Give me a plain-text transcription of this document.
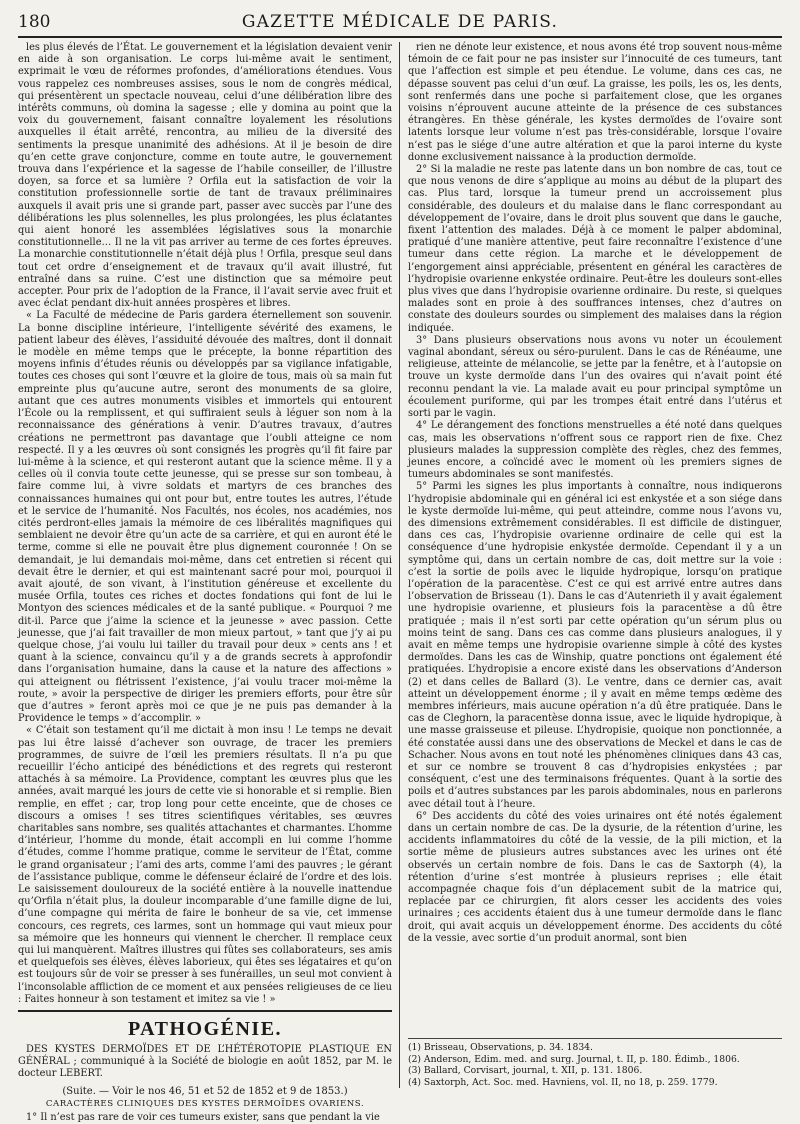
180	GAZETTE MÉDICALE DE PARIS.

les plus élevés de l’État. Le gouvernement et la législation devaient venir en aide à son organisation. Le corps lui-même avait le sentiment, exprimait le vœu de réformes profondes, d’améliorations étendues. Vous vous rappelez ces nombreuses assises, sous le nom de congrès médical, qui présentèrent un spectacle nouveau, celui d’une délibération libre des intérêts communs, où domina la sagesse ; elle y domina au point que la voix du gouvernement, faisant connaître loyalement les résolutions auxquelles il était arrêté, rencontra, au milieu de la diversité des sentiments la presque unanimité des adhésions. At il je besoin de dire qu’en cette grave conjoncture, comme en toute autre, le gouvernement trouva dans l’expérience et la sagesse de l’habile conseiller, de l’illustre doyen, sa force et sa lumière ? Orfila eut la satisfaction de voir la constitution professionnelle sortie de tant de travaux préliminaires auxquels il avait pris une si grande part, passer avec succès par l’une des délibérations les plus solennelles, les plus prolongées, les plus éclatantes qui aient honoré les assemblées législatives sous la monarchie constitutionnelle… Il ne la vit pas arriver au terme de ces fortes épreuves. La monarchie constitutionnelle n’était déjà plus ! Orfila, presque seul dans tout cet ordre d’enseignement et de travaux qu’il avait illustré, fut entraîné dans sa ruine. C’est une distinction que sa mémoire peut accepter. Pour prix de l’adoption de la France, il l’avait servie avec fruit et avec éclat pendant dix-huit années prospères et libres.

« La Faculté de médecine de Paris gardera éternellement son souvenir. La bonne discipline intérieure, l’intelligente sévérité des examens, le patient labeur des élèves, l’assiduité dévouée des maîtres, dont il donnait le modèle en même temps que le précepte, la bonne répartition des moyens infinis d’études réunis ou développés par sa vigilance infatigable, toutes ces choses qui sont l’œuvre et la gloire de tous, mais où sa main fut empreinte plus qu’aucune autre, seront des monuments de sa gloire, autant que ces autres monuments visibles et immortels qui entourent l’École ou la remplissent, et qui suffiraient seuls à léguer son nom à la reconnaissance des générations à venir. D’autres travaux, d’autres créations ne permettront pas davantage que l’oubli atteigne ce nom respecté. Il y a les œuvres où sont consignés les progrès qu’il fit faire par lui-même à la science, et qui resteront autant que la science même. Il y a celles où il convia toute cette jeunesse, qui se presse sur son tombeau, à faire comme lui, à vivre soldats et martyrs de ces branches des connaissances humaines qui ont pour but, entre toutes les autres, l’étude et le service de l’humanité. Nos Facultés, nos écoles, nos académies, nos cités perdront-elles jamais la mémoire de ces libéralités magnifiques qui semblaient ne devoir être qu’un acte de sa carrière, et qui en auront été le terme, comme si elle ne pouvait être plus dignement couronnée ! On se demandait, je lui demandais moi-même, dans cet entretien si récent qui devait être le dernier, et qui est maintenant sacré pour moi, pourquoi il avait ajouté, de son vivant, à l’institution généreuse et excellente du musée Orfila, toutes ces riches et doctes fondations qui font de lui le Montyon des sciences médicales et de la santé publique. « Pourquoi ? me dit-il. Parce que j’aime la science et la jeunesse » avec passion. Cette jeunesse, que j’ai fait travailler de mon mieux partout, » tant que j’y ai pu quelque chose, j’ai voulu lui tailler du travail pour deux » cents ans ! et quant à la science, convaincu qu’il y a de grands secrets à approfondir dans l’organisation humaine, dans la cause et la nature des affections » qui atteignent ou flétrissent l’existence, j’ai voulu tracer moi-même la route, » avoir la perspective de diriger les premiers efforts, pour être sûr que d’autres » feront après moi ce que je ne puis pas demander à la Providence le temps » d’accomplir. »

« C’était son testament qu’il me dictait à mon insu ! Le temps ne devait pas lui être laissé d’achever son ouvrage, de tracer les premiers programmes, de suivre de l’œil les premiers résultats. Il n’a pu que recueillir l’écho anticipé des bénédictions et des regrets qui resteront attachés à sa mémoire. La Providence, comptant les œuvres plus que les années, avait marqué les jours de cette vie si honorable et si remplie. Bien remplie, en effet ; car, trop long pour cette enceinte, que de choses ce discours a omises ! ses titres scientifiques véritables, ses œuvres charitables sans nombre, ses qualités attachantes et charmantes. L’homme d’intérieur, l’homme du monde, était accompli en lui comme l’homme d’études, comme l’homme pratique, comme le serviteur de l’État, comme le grand organisateur ; l’ami des arts, comme l’ami des pauvres ; le gérant de l’assistance publique, comme le défenseur éclairé de l’ordre et des lois. Le saisissement douloureux de la société entière à la nouvelle inattendue qu’Orfila n’était plus, la douleur incomparable d’une famille digne de lui, d’une compagne qui mérita de faire le bonheur de sa vie, cet immense concours, ces regrets, ces larmes, sont un hommage qui vaut mieux pour sa mémoire que les honneurs qui viennent le chercher. Il remplace ceux qui lui manquèrent. Maîtres illustres qui fûtes ses collaborateurs, ses amis et quelquefois ses élèves, élèves laborieux, qui êtes ses légataires et qu’on est toujours sûr de voir se presser à ses funérailles, un seul mot convient à l’inconsolable affliction de ce moment et aux pensées religieuses de ce lieu : Faites honneur à son testament et imitez sa vie ! »

PATHOGÉNIE.

DES KYSTES DERMOÏDES ET DE L’HÉTÉROTOPIE PLASTIQUE EN GÉNÉRAL ; communiqué à la Société de biologie en août 1852, par M. le docteur LEBERT.

(Suite. — Voir le nos 46, 51 et 52 de 1852 et 9 de 1853.)
CARACTÈRES CLINIQUES DES KYSTES DERMOÏDES OVARIENS.

1° Il n’est pas rare de voir ces tumeurs exister, sans que pendant la vie

rien ne dénote leur existence, et nous avons été trop souvent nous-même témoin de ce fait pour ne pas insister sur l’innocuité de ces tumeurs, tant que l’affection est simple et peu étendue. Le volume, dans ces cas, ne dépasse souvent pas celui d’un œuf. La graisse, les poils, les os, les dents, sont renfermés dans une poche si parfaitement close, que les organes voisins n’éprouvent aucune atteinte de la présence de ces substances étrangères. En thèse générale, les kystes dermoïdes de l’ovaire sont latents lorsque leur volume n’est pas très-considérable, lorsque l’ovaire n’est pas le siége d’une autre altération et que la paroi interne du kyste donne exclusivement naissance à la production dermoïde.

2° Si la maladie ne reste pas latente dans un bon nombre de cas, tout ce que nous venons de dire s’applique au moins au début de la plupart des cas. Plus tard, lorsque la tumeur prend un accroissement plus considérable, des douleurs et du malaise dans le flanc correspondant au développement de l’ovaire, dans le droit plus souvent que dans le gauche, fixent l’attention des malades. Déjà à ce moment le palper abdominal, pratiqué d’une manière attentive, peut faire reconnaître l’existence d’une tumeur dans cette région. La marche et le développement de l’engorgement ainsi appréciable, présentent en général les caractères de l’hydropisie ovarienne enkystée ordinaire. Peut-être les douleurs sont-elles plus vives que dans l’hydropisie ovarienne ordinaire. Du reste, si quelques malades sont en proie à des souffrances intenses, chez d’autres on constate des douleurs sourdes ou simplement des malaises dans la région indiquée.

3° Dans plusieurs observations nous avons vu noter un écoulement vaginal abondant, séreux ou séro-purulent. Dans le cas de Rénéaume, une religieuse, atteinte de mélancolie, se jette par la fenêtre, et à l’autopsie on trouve un kyste dermoïde dans l’un des ovaires qui n’avait point été reconnu pendant la vie. La malade avait eu pour principal symptôme un écoulement puriforme, qui par les trompes était entré dans l’utérus et sorti par le vagin.

4° Le dérangement des fonctions menstruelles a été noté dans quelques cas, mais les observations n’offrent sous ce rapport rien de fixe. Chez plusieurs malades la suppression complète des règles, chez des femmes, jeunes encore, a coïncidé avec le moment où les premiers signes de tumeurs abdominales se sont manifestés.

5° Parmi les signes les plus importants à connaître, nous indiquerons l’hydropisie abdominale qui en général ici est enkystée et a son siége dans le kyste dermoïde lui-même, qui peut atteindre, comme nous l’avons vu, des dimensions extrêmement considérables. Il est difficile de distinguer, dans ces cas, l’hydropisie ovarienne ordinaire de celle qui est la conséquence d’une hydropisie enkystée dermoïde. Cependant il y a un symptôme qui, dans un certain nombre de cas, doit mettre sur la voie : c’est la sortie de poils avec le liquide hydropique, lorsqu’on pratique l’opération de la paracentèse. C’est ce qui est arrivé entre autres dans l’observation de Brisseau (1). Dans le cas d’Autenrieth il y avait également une hydropisie ovarienne, et plusieurs fois la paracentèse a dû être pratiquée ; mais il n’est sorti par cette opération qu’un sérum plus ou moins teint de sang. Dans ces cas comme dans plusieurs analogues, il y avait en même temps une hydropisie ovarienne simple à côté des kystes dermoïdes. Dans les cas de Winship, quatre ponctions ont également été pratiquées. L’hydropisie a encore existé dans les observations d’Anderson (2) et dans celles de Ballard (3). Le ventre, dans ce dernier cas, avait atteint un développement énorme ; il y avait en même temps œdème des membres inférieurs, mais aucune opération n’a dû être pratiquée. Dans le cas de Cleghorn, la paracentèse donna issue, avec le liquide hydropique, à une masse graisseuse et pileuse. L’hydropisie, quoique non ponctionnée, a été constatée aussi dans une des observations de Meckel et dans le cas de Schacher. Nous avons en tout noté les phénomènes cliniques dans 43 cas, et sur ce nombre se trouvent 8 cas d’hydropisies enkystées ; par conséquent, c’est une des terminaisons fréquentes. Quant à la sortie des poils et d’autres substances par les parois abdominales, nous en parlerons avec détail tout à l’heure.

6° Des accidents du côté des voies urinaires ont été notés également dans un certain nombre de cas. De la dysurie, de la rétention d’urine, les accidents inflammatoires du côté de la vessie, de la pili miction, et la sortie même de plusieurs autres substances avec les urines ont été observés un certain nombre de fois. Dans le cas de Saxtorph (4), la rétention d’urine s’est montrée à plusieurs reprises ; elle était accompagnée chaque fois d’un déplacement subit de la matrice qui, replacée par ce chirurgien, fit alors cesser les accidents des voies urinaires ; ces accidents étaient dus à une tumeur dermoïde dans le flanc droit, qui avait acquis un développement énorme. Des accidents du côté de la vessie, avec sortie d’un produit anormal, sont bien

(1) Brisseau, Observations, p. 34. 1834.
(2) Anderson, Edim. med. and surg. Journal, t. II, p. 180. Édimb., 1806.
(3) Ballard, Corvisart, journal, t. XII, p. 131. 1806.
(4) Saxtorph, Act. Soc. med. Havniens, vol. II, no 18, p. 259. 1779.
